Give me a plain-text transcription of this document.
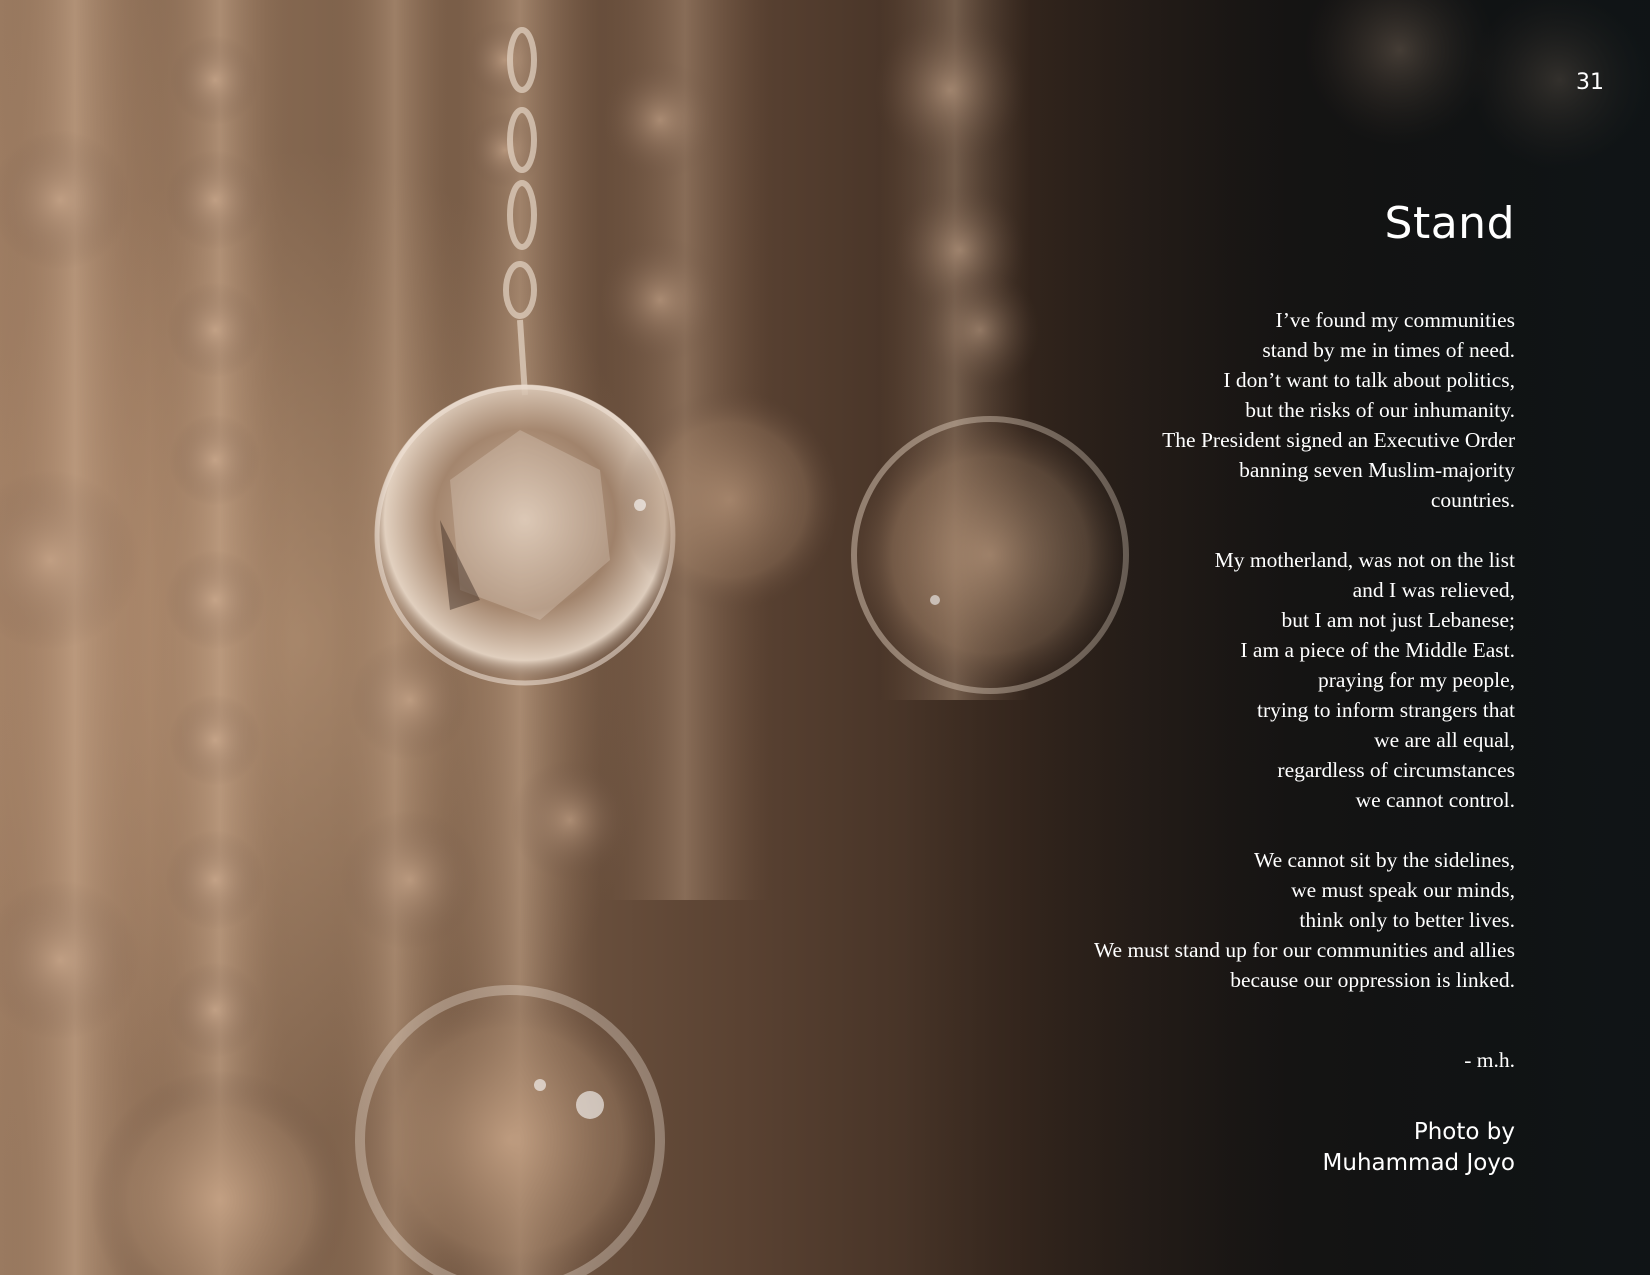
31

Stand
I’ve found my communities
stand by me in times of need.
I don’t want to talk about politics,
but the risks of our inhumanity.
The President signed an Executive Order
banning seven Muslim-majority
countries.
My motherland, was not on the list
and I was relieved,
but I am not just Lebanese;
I am a piece of the Middle East.
praying for my people,
trying to inform strangers that
we are all equal,
regardless of circumstances
we cannot control.
We cannot sit by the sidelines,
we must speak our minds,
think only to better lives.
We must stand up for our communities and allies
because our oppression is linked.

- m.h.

Photo by
Muhammad Joyo
